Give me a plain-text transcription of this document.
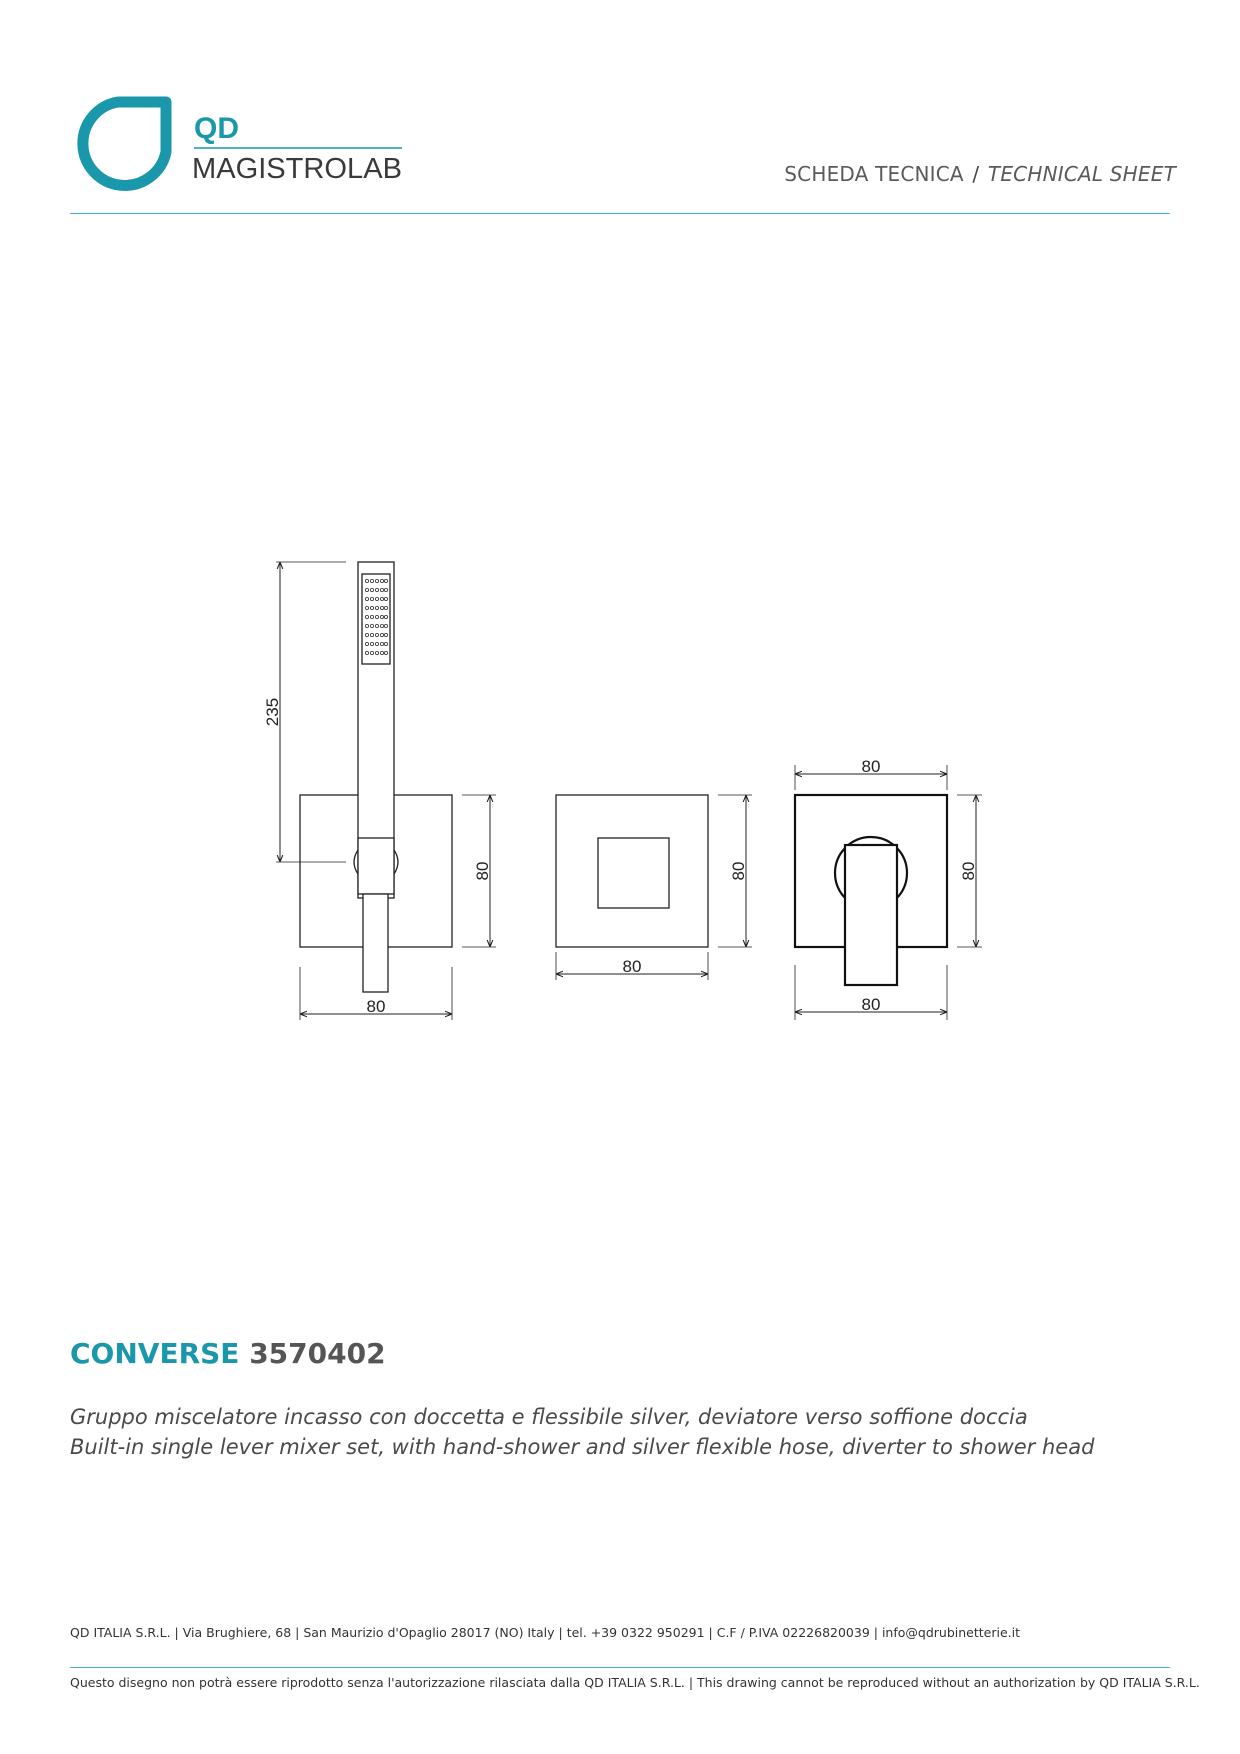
QD
MAGISTROLAB	SCHEDA TECNICA / TECHNICAL SHEET
235
80
80
80
80
80
80
80
CONVERSE 3570402
Gruppo miscelatore incasso con doccetta e flessibile silver, deviatore verso soffione doccia
Built-in single lever mixer set, with hand-shower and silver flexible hose, diverter to shower head
QD ITALIA S.R.L. | Via Brughiere, 68 | San Maurizio d'Opaglio 28017 (NO) Italy | tel. +39 0322 950291 | C.F / P.IVA 02226820039 | info@qdrubinetterie.it
Questo disegno non potrà essere riprodotto senza l'autorizzazione rilasciata dalla QD ITALIA S.R.L. | This drawing cannot be reproduced without an authorization by QD ITALIA S.R.L.
